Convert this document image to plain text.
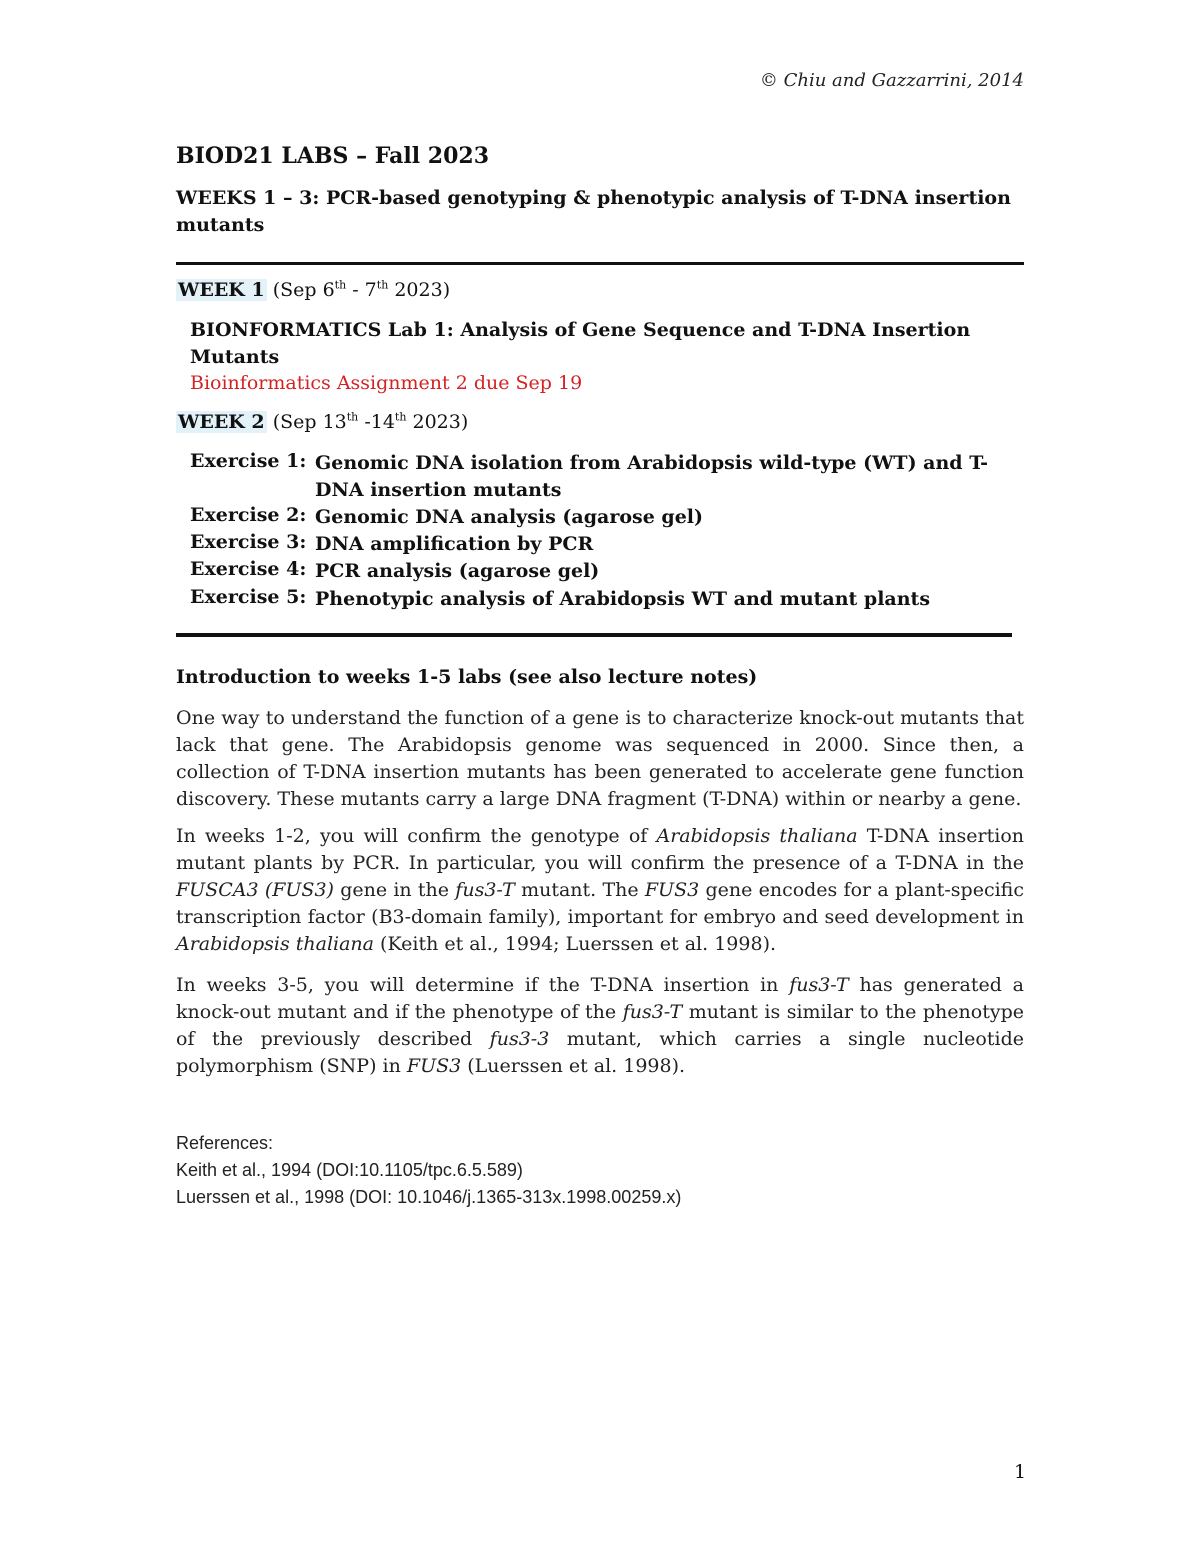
© Chiu and Gazzarrini, 2014
BIOD21 LABS – Fall 2023
WEEKS 1 – 3: PCR-based genotyping & phenotypic analysis of T-DNA insertion mutants
WEEK 1 (Sep 6th - 7th 2023)
BIONFORMATICS Lab 1: Analysis of Gene Sequence and T-DNA Insertion Mutants
Bioinformatics Assignment 2 due Sep 19
WEEK 2 (Sep 13th -14th 2023)
Exercise 1: Genomic DNA isolation from Arabidopsis wild-type (WT) and T-DNA insertion mutants
Exercise 2: Genomic DNA analysis (agarose gel)
Exercise 3: DNA amplification by PCR
Exercise 4: PCR analysis (agarose gel)
Exercise 5: Phenotypic analysis of Arabidopsis WT and mutant plants
Introduction to weeks 1-5 labs (see also lecture notes)
One way to understand the function of a gene is to characterize knock-out mutants that lack that gene. The Arabidopsis genome was sequenced in 2000. Since then, a collection of T-DNA insertion mutants has been generated to accelerate gene function discovery. These mutants carry a large DNA fragment (T-DNA) within or nearby a gene.
In weeks 1-2, you will confirm the genotype of Arabidopsis thaliana T-DNA insertion mutant plants by PCR. In particular, you will confirm the presence of a T-DNA in the FUSCA3 (FUS3) gene in the fus3-T mutant. The FUS3 gene encodes for a plant-specific transcription factor (B3-domain family), important for embryo and seed development in Arabidopsis thaliana (Keith et al., 1994; Luerssen et al. 1998).
In weeks 3-5, you will determine if the T-DNA insertion in fus3-T has generated a knock-out mutant and if the phenotype of the fus3-T mutant is similar to the phenotype of the previously described fus3-3 mutant, which carries a single nucleotide polymorphism (SNP) in FUS3 (Luerssen et al. 1998).
References:
Keith et al., 1994 (DOI:10.1105/tpc.6.5.589)
Luerssen et al., 1998 (DOI: 10.1046/j.1365-313x.1998.00259.x)
1
